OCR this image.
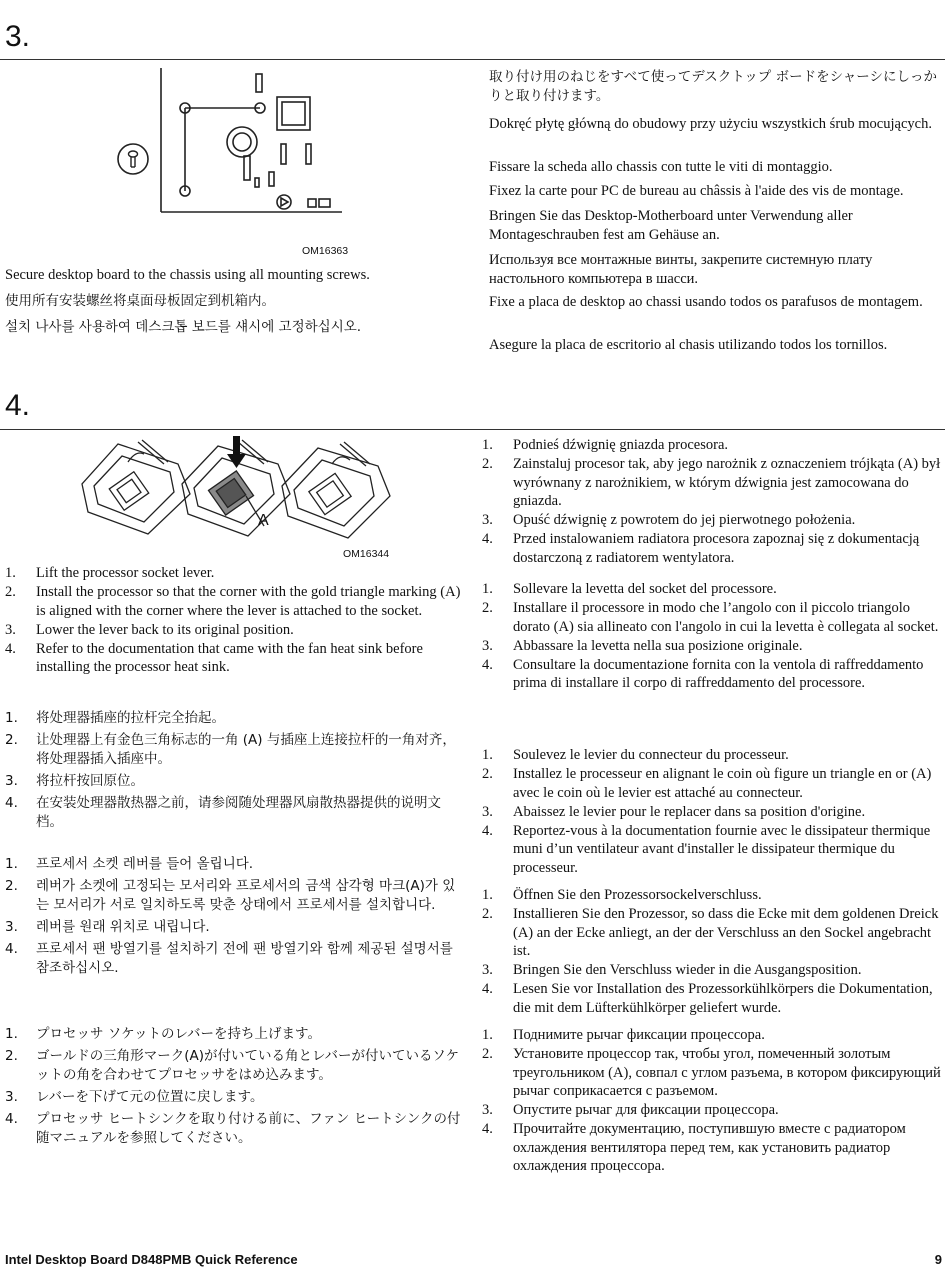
3.
OM16363
Secure desktop board to the chassis using all mounting screws.
使用所有安装螺丝将桌面母板固定到机箱内。
설치 나사를 사용하여 데스크톱 보드를 섀시에 고정하십시오.
取り付け用のねじをすべて使ってデスクトップ ボードをシャーシにしっかりと取り付けます。
Dokręć płytę główną do obudowy przy użyciu wszystkich śrub mocujących.
Fissare la scheda allo chassis con tutte le viti di montaggio.
Fixez la carte pour PC de bureau au châssis à l'aide des vis de montage.
Bringen Sie das Desktop-Motherboard unter Verwendung aller Montageschrauben fest am Gehäuse an.
Используя все монтажные винты, закрепите системную плату настольного компьютера в шасси.
Fixe a placa de desktop ao chassi usando todos os parafusos de montagem.
Asegure la placa de escritorio al chasis utilizando todos los tornillos.
4.
A
OM16344
1. Lift the processor socket lever.
2. Install the processor so that the corner with the gold triangle marking (A) is aligned with the corner where the lever is attached to the socket.
3. Lower the lever back to its original position.
4. Refer to the documentation that came with the fan heat sink before installing the processor heat sink.
1. 将处理器插座的拉杆完全抬起。
2. 让处理器上有金色三角标志的一角 (A) 与插座上连接拉杆的一角对齐，将处理器插入插座中。
3. 将拉杆按回原位。
4. 在安装处理器散热器之前，请参阅随处理器风扇散热器提供的说明文档。
1. 프로세서 소켓 레버를 들어 올립니다.
2. 레버가 소켓에 고정되는 모서리와 프로세서의 금색 삼각형 마크(A)가 있는 모서리가 서로 일치하도록 맞춘 상태에서 프로세서를 설치합니다.
3. 레버를 원래 위치로 내립니다.
4. 프로세서 팬 방열기를 설치하기 전에 팬 방열기와 함께 제공된 설명서를 참조하십시오.
1. プロセッサ ソケットのレバーを持ち上げます。
2. ゴールドの三角形マーク(A)が付いている角とレバーが付いているソケットの角を合わせてプロセッサをはめ込みます。
3. レバーを下げて元の位置に戻します。
4. プロセッサ ヒートシンクを取り付ける前に、ファン ヒートシンクの付随マニュアルを参照してください。
1. Podnieś dźwignię gniazda procesora.
2. Zainstaluj procesor tak, aby jego narożnik z oznaczeniem trójkąta (A) był wyrównany z narożnikiem, w którym dźwignia jest zamocowana do gniazda.
3. Opuść dźwignię z powrotem do jej pierwotnego położenia.
4. Przed instalowaniem radiatora procesora zapoznaj się z dokumentacją dostarczoną z radiatorem wentylatora.
1. Sollevare la levetta del socket del processore.
2. Installare il processore in modo che l’angolo con il piccolo triangolo dorato (A) sia allineato con l'angolo in cui la levetta è collegata al socket.
3. Abbassare la levetta nella sua posizione originale.
4. Consultare la documentazione fornita con la ventola di raffreddamento prima di installare il corpo di raffreddamento del processore.
1. Soulevez le levier du connecteur du processeur.
2. Installez le processeur en alignant le coin où figure un triangle en or (A) avec le coin où le levier est attaché au connecteur.
3. Abaissez le levier pour le replacer dans sa position d'origine.
4. Reportez-vous à la documentation fournie avec le dissipateur thermique muni d’un ventilateur avant d'installer le dissipateur thermique du processeur.
1. Öffnen Sie den Prozessorsockelverschluss.
2. Installieren Sie den Prozessor, so dass die Ecke mit dem goldenen Dreick (A) an der Ecke anliegt, an der der Verschluss an den Sockel angebracht ist.
3. Bringen Sie den Verschluss wieder in die Ausgangsposition.
4. Lesen Sie vor Installation des Prozessorkühlkörpers die Dokumentation, die mit dem Lüfterkühlkörper geliefert wurde.
1. Поднимите рычаг фиксации процессора.
2. Установите процессор так, чтобы угол, помеченный золотым треугольником (A), совпал с углом разъема, в котором фиксирующий рычаг соприкасается с разъемом.
3. Опустите рычаг для фиксации процессора.
4. Прочитайте документацию, поступившую вместе с радиатором охлаждения вентилятора перед тем, как установить радиатор охлаждения процессора.
Intel Desktop Board D848PMB Quick Reference	9
